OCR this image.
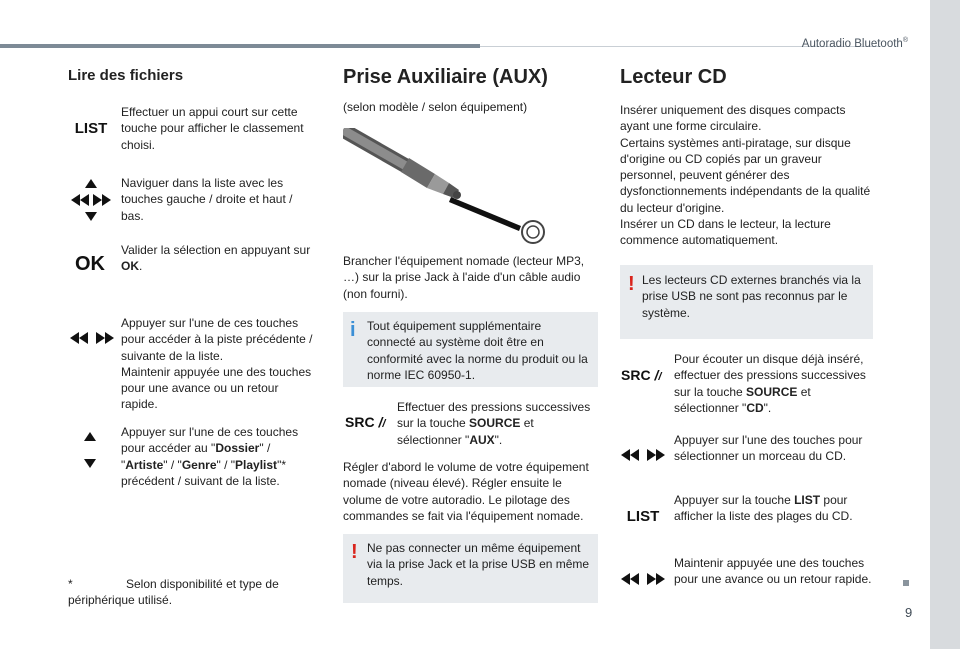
Autoradio Bluetooth®
9
Lire des fichiers
LIST
Effectuer un appui court sur cette touche pour afficher le classement choisi.
Naviguer dans la liste avec les touches gauche / droite et haut / bas.
OK
Valider la sélection en appuyant sur OK.
Appuyer sur l'une de ces touches pour accéder à la piste précédente / suivante de la liste.
Maintenir appuyée une des touches pour une avance ou un retour rapide.
Appuyer sur l'une de ces touches pour accéder au "Dossier" / "Artiste" / "Genre" / "Playlist"* précédent / suivant de la liste.
*	Selon disponibilité et type de périphérique utilisé.
Prise Auxiliaire (AUX)
(selon modèle / selon équipement)
Brancher l'équipement nomade (lecteur MP3, …) sur la prise Jack à l'aide d'un câble audio (non fourni).
i Tout équipement supplémentaire connecté au système doit être en conformité avec la norme du produit ou la norme IEC 60950-1.
SRC //
Effectuer des pressions successives sur la touche SOURCE et sélectionner "AUX".
Régler d'abord le volume de votre équipement nomade (niveau élevé). Régler ensuite le volume de votre autoradio. Le pilotage des commandes se fait via l'équipement nomade.
! Ne pas connecter un même équipement via la prise Jack et la prise USB en même temps.
Lecteur CD
Insérer uniquement des disques compacts ayant une forme circulaire.
Certains systèmes anti-piratage, sur disque d'origine ou CD copiés par un graveur personnel, peuvent générer des dysfonctionnements indépendants de la qualité du lecteur d'origine.
Insérer un CD dans le lecteur, la lecture commence automatiquement.
! Les lecteurs CD externes branchés via la prise USB ne sont pas reconnus par le système.
SRC //
Pour écouter un disque déjà inséré, effectuer des pressions successives sur la touche SOURCE et sélectionner "CD".
Appuyer sur l'une des touches pour sélectionner un morceau du CD.
LIST
Appuyer sur la touche LIST pour afficher la liste des plages du CD.
Maintenir appuyée une des touches pour une avance ou un retour rapide.
